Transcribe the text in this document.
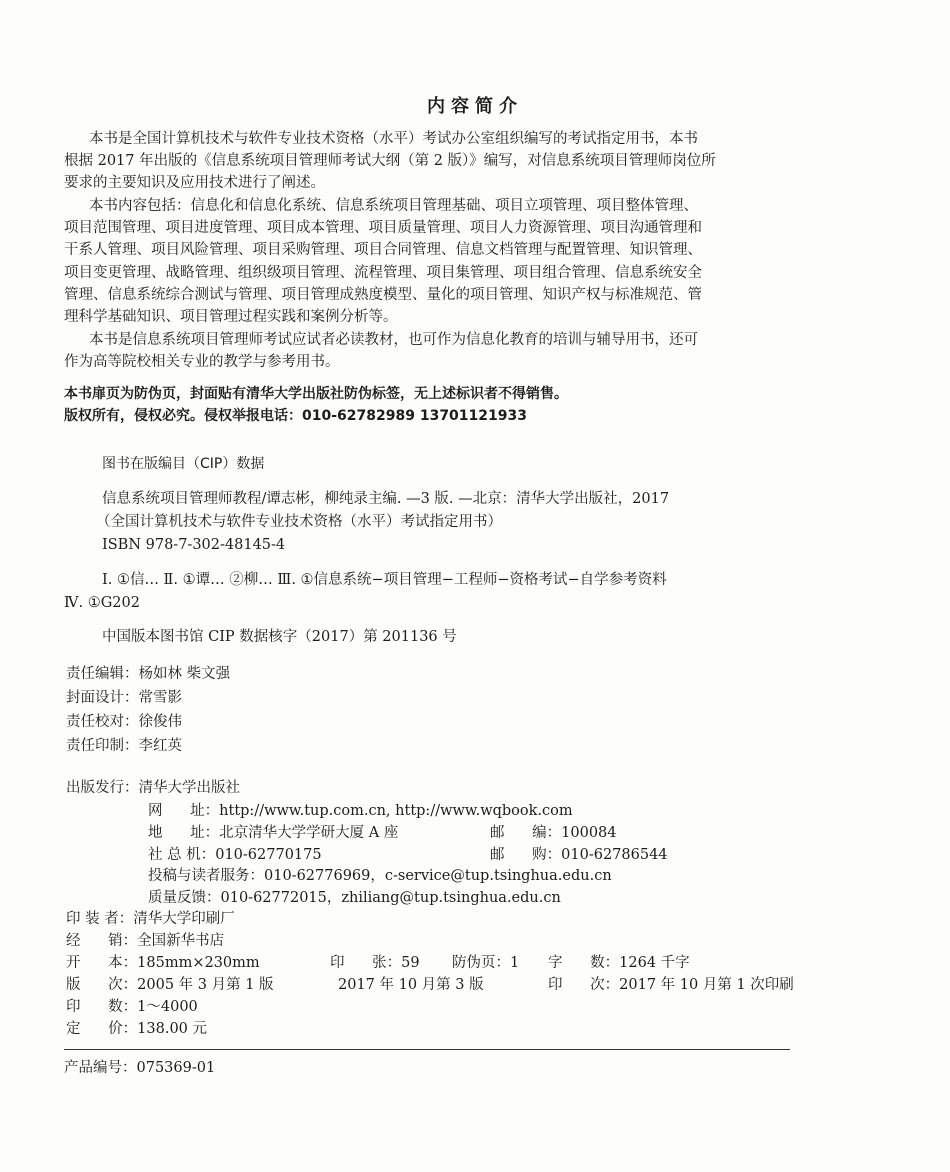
内容简介
本书是全国计算机技术与软件专业技术资格（水平）考试办公室组织编写的考试指定用书，本书
根据 2017 年出版的《信息系统项目管理师考试大纲（第 2 版）》编写，对信息系统项目管理师岗位所
要求的主要知识及应用技术进行了阐述。
本书内容包括：信息化和信息化系统、信息系统项目管理基础、项目立项管理、项目整体管理、
项目范围管理、项目进度管理、项目成本管理、项目质量管理、项目人力资源管理、项目沟通管理和
干系人管理、项目风险管理、项目采购管理、项目合同管理、信息文档管理与配置管理、知识管理、
项目变更管理、战略管理、组织级项目管理、流程管理、项目集管理、项目组合管理、信息系统安全
管理、信息系统综合测试与管理、项目管理成熟度模型、量化的项目管理、知识产权与标准规范、管
理科学基础知识、项目管理过程实践和案例分析等。
本书是信息系统项目管理师考试应试者必读教材，也可作为信息化教育的培训与辅导用书，还可
作为高等院校相关专业的教学与参考用书。
本书扉页为防伪页，封面贴有清华大学出版社防伪标签，无上述标识者不得销售。
版权所有，侵权必究。侵权举报电话：010-62782989 13701121933
图书在版编目（CIP）数据
信息系统项目管理师教程/谭志彬，柳纯录主编. —3 版. —北京：清华大学出版社，2017
（全国计算机技术与软件专业技术资格（水平）考试指定用书）
ISBN 978-7-302-48145-4
Ⅰ. ①信… Ⅱ. ①谭… ②柳… Ⅲ. ①信息系统−项目管理−工程师−资格考试−自学参考资料
Ⅳ. ①G202
中国版本图书馆 CIP 数据核字（2017）第 201136 号
责任编辑：杨如林 柴文强
封面设计：常雪影
责任校对：徐俊伟
责任印制：李红英
出版发行：清华大学出版社
网      址：http://www.tup.com.cn, http://www.wqbook.com
地      址：北京清华大学学研大厦 A 座	邮      编：100084
社 总 机：010-62770175	邮      购：010-62786544
投稿与读者服务：010-62776969，c-service@tup.tsinghua.edu.cn
质量反馈：010-62772015，zhiliang@tup.tsinghua.edu.cn
印 装 者：清华大学印刷厂
经      销：全国新华书店
开      本：185mm×230mm	印      张：59 防伪页：1 字      数：1264 千字
版      次：2005 年 3 月第 1 版	2017 年 10 月第 3 版	印      次：2017 年 10 月第 1 次印刷
印      数：1～4000
定      价：138.00 元
产品编号：075369-01
